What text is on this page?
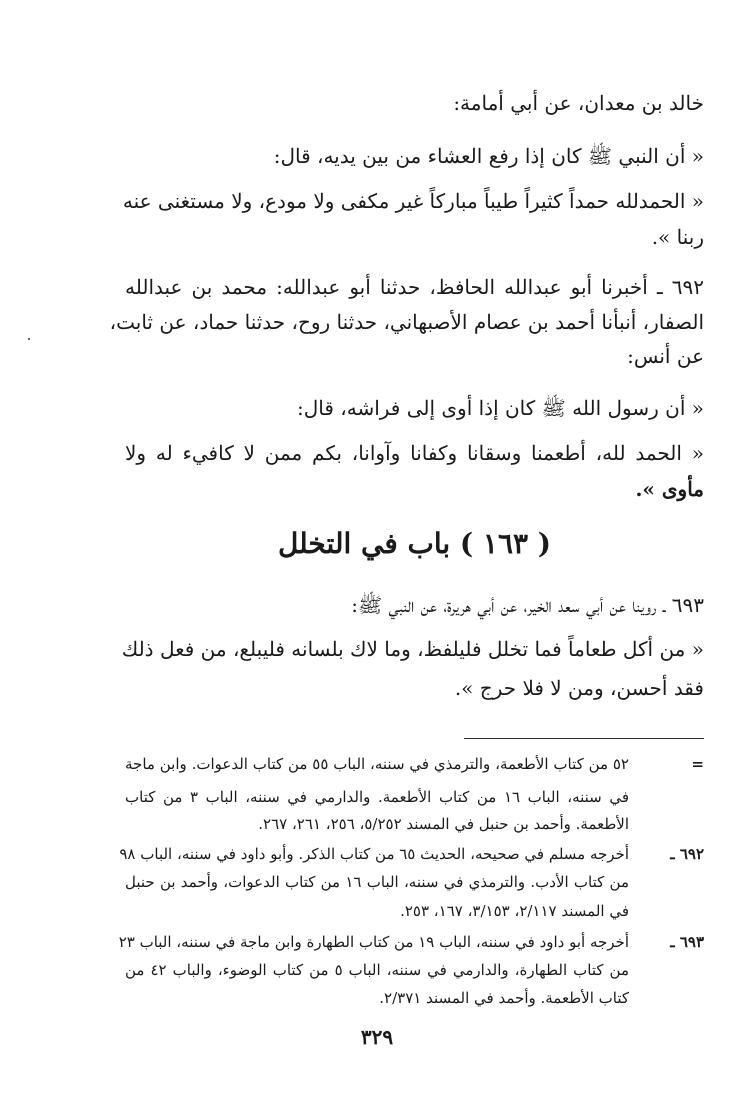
خالد بن معدان، عن أبي أمامة:
« أن النبي ﷺ كان إذا رفع العشاء من بين يديه، قال:
« الحمدلله حمداً كثيراً طيباً مباركاً غير مكفى ولا مودع، ولا مستغنى عنه
ربنا ».
٦٩٢ ـ أخبرنا أبو عبدالله الحافظ، حدثنا أبو عبدالله: محمد بن عبدالله
الصفار، أنبأنا أحمد بن عصام الأصبهاني، حدثنا روح، حدثنا حماد، عن ثابت،
عن أنس:
« أن رسول الله ﷺ كان إذا أوى إلى فراشه، قال:
« الحمد لله، أطعمنا وسقانا وكفانا وآوانا، بكم ممن لا كافيء له ولا
مأوى ».
( ١٦٣ ) باب في التخلل
٦٩٣ ـ روينا عن أبي سعد الخير، عن أبي هريرة، عن النبي ﷺ:
« من أكل طعاماً فما تخلل فليلفظ، وما لاك بلسانه فليبلع، من فعل ذلك
فقد أحسن، ومن لا فلا حرج ».
=
٥٢ من كتاب الأطعمة، والترمذي في سننه، الباب ٥٥ من كتاب الدعوات. وابن ماجة
في سننه، الباب ١٦ من كتاب الأطعمة. والدارمي في سننه، الباب ٣ من كتاب
الأطعمة. وأحمد بن حنبل في المسند ٥/٢٥٢، ٢٥٦، ٢٦١، ٢٦٧.
٦٩٢ ـ
أخرجه مسلم في صحيحه، الحديث ٦٥ من كتاب الذكر. وأبو داود في سننه، الباب ٩٨
من كتاب الأدب. والترمذي في سننه، الباب ١٦ من كتاب الدعوات، وأحمد بن حنبل
في المسند ٢/١١٧، ٣/١٥٣، ١٦٧، ٢٥٣.
٦٩٣ ـ
أخرجه أبو داود في سننه، الباب ١٩ من كتاب الطهارة وابن ماجة في سننه، الباب ٢٣
من كتاب الطهارة، والدارمي في سننه، الباب ٥ من كتاب الوضوء، والباب ٤٢ من
كتاب الأطعمة. وأحمد في المسند ٢/٣٧١.
٣٢٩
